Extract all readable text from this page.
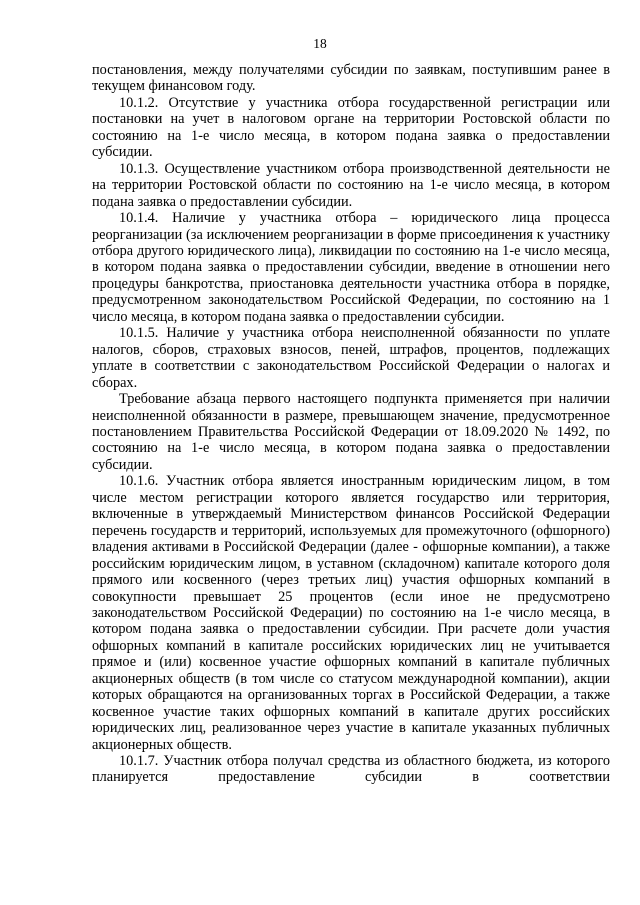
18

постановления, между получателями субсидии по заявкам, поступившим ранее в текущем финансовом году.

10.1.2. Отсутствие у участника отбора государственной регистрации или постановки на учет в налоговом органе на территории Ростовской области по состоянию на 1-е число месяца, в котором подана заявка о предоставлении субсидии.

10.1.3. Осуществление участником отбора производственной деятельности не на территории Ростовской области по состоянию на 1-е число месяца, в котором подана заявка о предоставлении субсидии.

10.1.4. Наличие у участника отбора – юридического лица процесса реорганизации (за исключением реорганизации в форме присоединения к участнику отбора другого юридического лица), ликвидации по состоянию на 1-е число месяца, в котором подана заявка о предоставлении субсидии, введение в отношении него процедуры банкротства, приостановка деятельности участника отбора в порядке, предусмотренном законодательством Российской Федерации, по состоянию на 1 число месяца, в котором подана заявка о предоставлении субсидии.

10.1.5. Наличие у участника отбора неисполненной обязанности по уплате налогов, сборов, страховых взносов, пеней, штрафов, процентов, подлежащих уплате в соответствии с законодательством Российской Федерации о налогах и сборах.

Требование абзаца первого настоящего подпункта применяется при наличии неисполненной обязанности в размере, превышающем значение, предусмотренное постановлением Правительства Российской Федерации от 18.09.2020 № 1492, по состоянию на 1-е число месяца, в котором подана заявка о предоставлении субсидии.

10.1.6. Участник отбора является иностранным юридическим лицом, в том числе местом регистрации которого является государство или территория, включенные в утверждаемый Министерством финансов Российской Федерации перечень государств и территорий, используемых для промежуточного (офшорного) владения активами в Российской Федерации (далее - офшорные компании), а также российским юридическим лицом, в уставном (складочном) капитале которого доля прямого или косвенного (через третьих лиц) участия офшорных компаний в совокупности превышает 25 процентов (если иное не предусмотрено законодательством Российской Федерации) по состоянию на 1-е число месяца, в котором подана заявка о предоставлении субсидии. При расчете доли участия офшорных компаний в капитале российских юридических лиц не учитывается прямое и (или) косвенное участие офшорных компаний в капитале публичных акционерных обществ (в том числе со статусом международной компании), акции которых обращаются на организованных торгах в Российской Федерации, а также косвенное участие таких офшорных компаний в капитале других российских юридических лиц, реализованное через участие в капитале указанных публичных акционерных обществ.

10.1.7. Участник отбора получал средства из областного бюджета, из которого планируется предоставление субсидии в соответствии
